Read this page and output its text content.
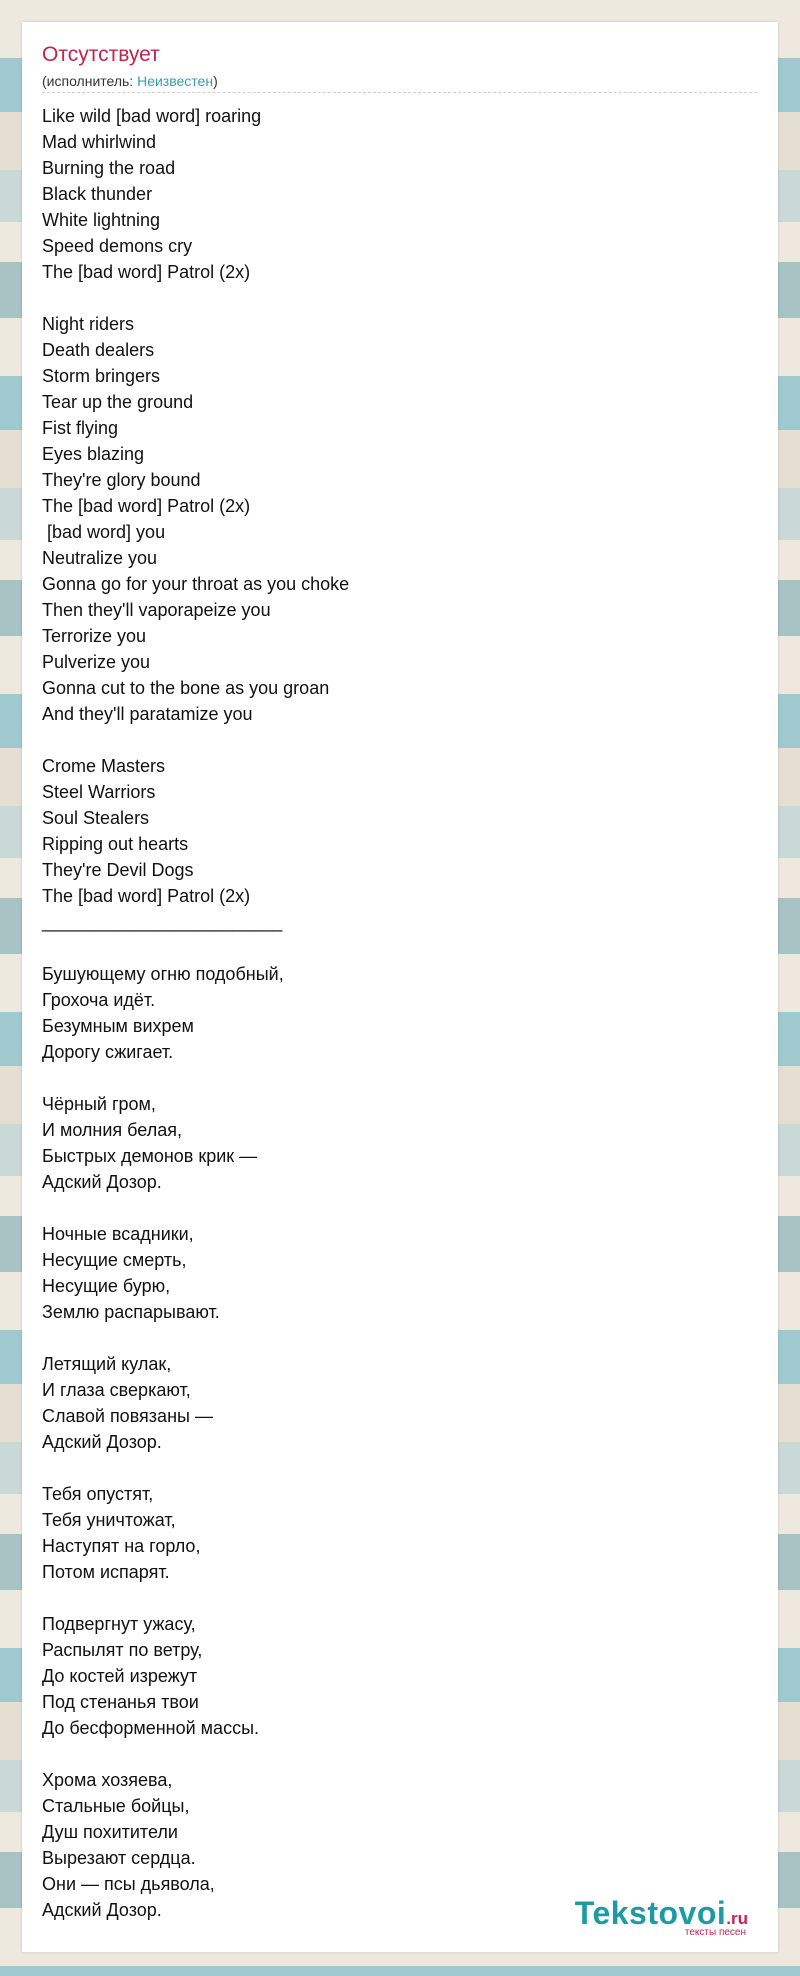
Отсутствует
(исполнитель: Неизвестен)
Like wild [bad word] roaring
Mad whirlwind
Burning the road
Black thunder
White lightning
Speed demons cry
The [bad word] Patrol (2x)
Night riders
Death dealers
Storm bringers
Tear up the ground
Fist flying
Eyes blazing
They're glory bound
The [bad word] Patrol (2x)
[bad word] you
Neutralize you
Gonna go for your throat as you choke
Then they'll vaporapeize you
Terrorize you
Pulverize you
Gonna cut to the bone as you groan
And they'll paratamize you
Crome Masters
Steel Warriors
Soul Stealers
Ripping out hearts
They're Devil Dogs
The [bad word] Patrol (2x)
________________________
Бушующему огню подобный,
Грохоча идёт.
Безумным вихрем
Дорогу сжигает.
Чёрный гром,
И молния белая,
Быстрых демонов крик —
Адский Дозор.
Ночные всадники,
Несущие смерть,
Несущие бурю,
Землю распарывают.
Летящий кулак,
И глаза сверкают,
Славой повязаны —
Адский Дозор.
Тебя опустят,
Тебя уничтожат,
Наступят на горло,
Потом испарят.
Подвергнут ужасу,
Распылят по ветру,
До костей изрежут
Под стенанья твои
До бесформенной массы.
Хрома хозяева,
Стальные бойцы,
Душ похитители
Вырезают сердца.
Они — псы дьявола,
Адский Дозор.	Tekstovoi.ru
тексты песен
